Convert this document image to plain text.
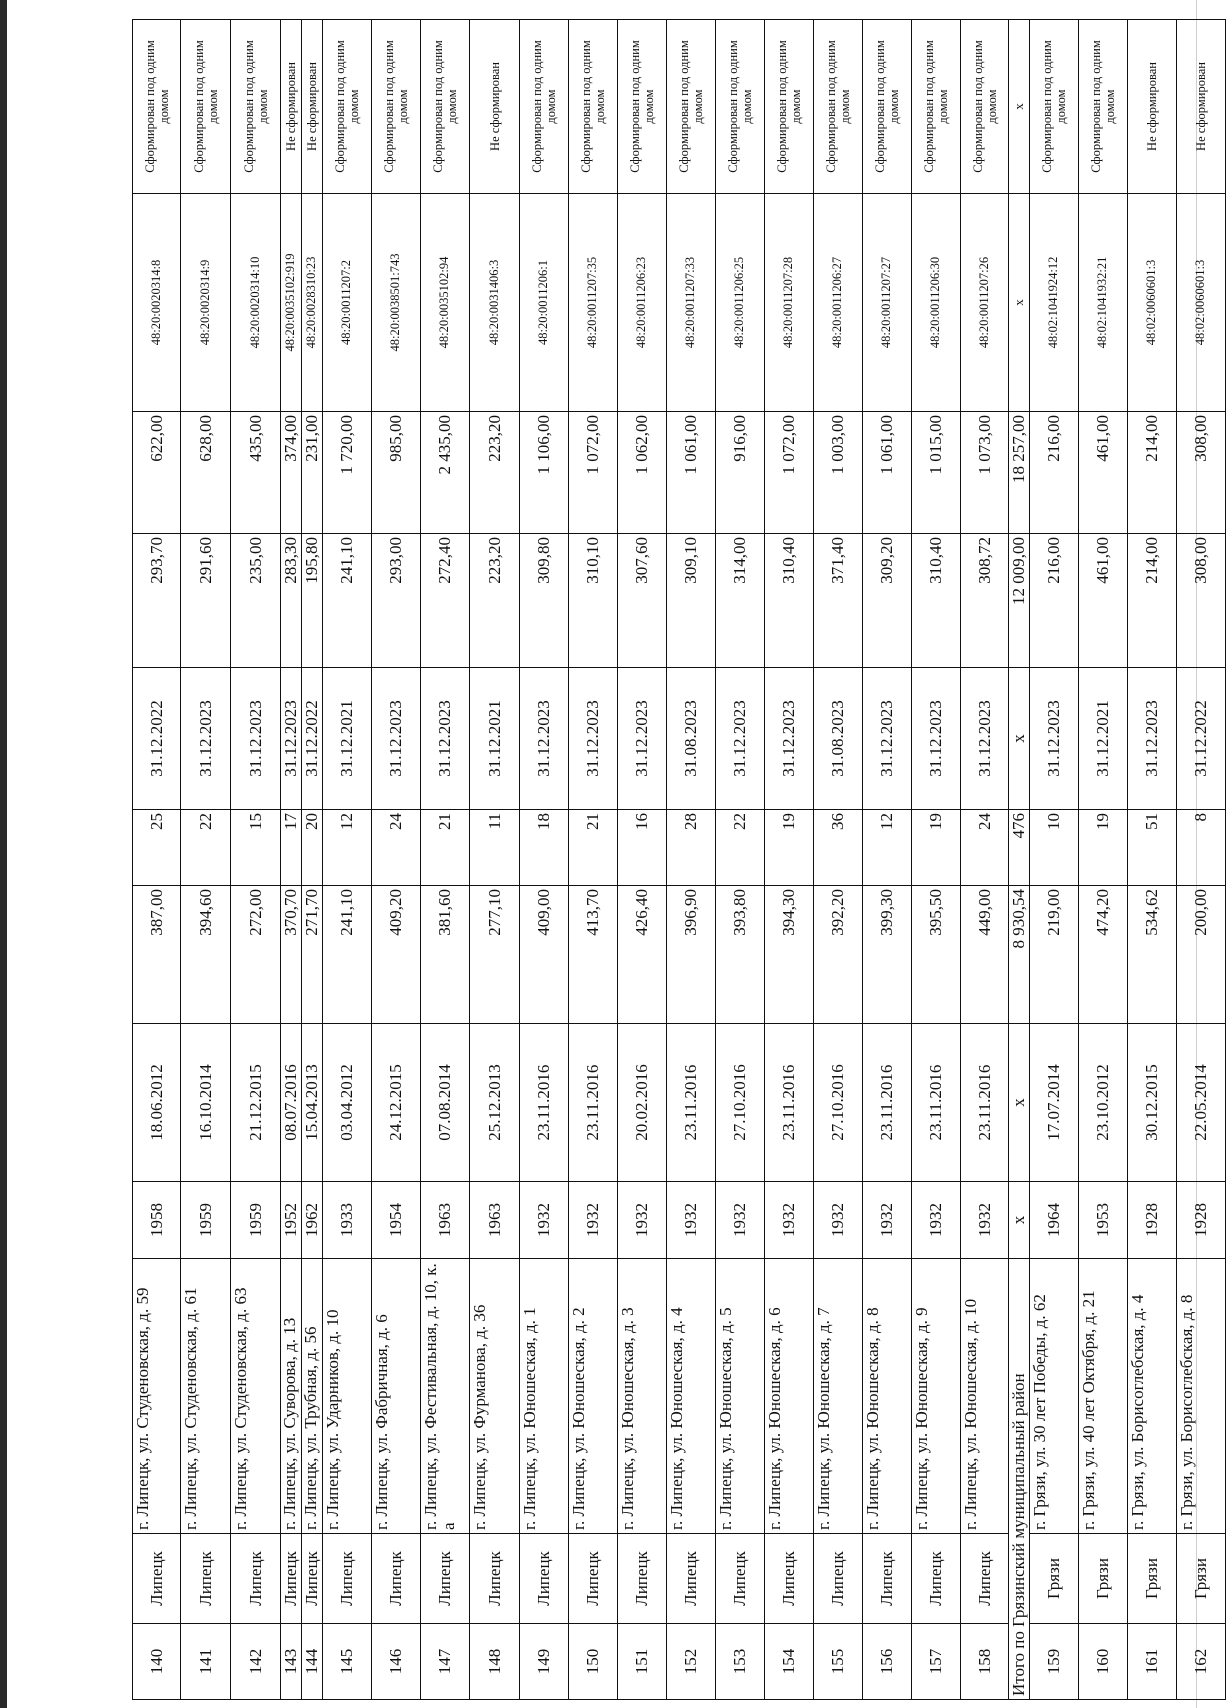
140	Липецк	г. Липецк, ул. Студеновская, д. 59	1958	18.06.2012	387,00	25	31.12.2022	293,70	622,00	48:20:0020314:8	Сформирован под одним домом
141	Липецк	г. Липецк, ул. Студеновская, д. 61	1959	16.10.2014	394,60	22	31.12.2023	291,60	628,00	48:20:0020314:9	Сформирован под одним домом
142	Липецк	г. Липецк, ул. Студеновская, д. 63	1959	21.12.2015	272,00	15	31.12.2023	235,00	435,00	48:20:0020314:10	Сформирован под одним домом
143	Липецк	г. Липецк, ул. Суворова, д. 13	1952	08.07.2016	370,70	17	31.12.2023	283,30	374,00	48:20:0035102:919	Не сформирован
144	Липецк	г. Липецк, ул. Трубная, д. 56	1962	15.04.2013	271,70	20	31.12.2022	195,80	231,00	48:20:0028310:23	Не сформирован
145	Липецк	г. Липецк, ул. Ударников, д. 10	1933	03.04.2012	241,10	12	31.12.2021	241,10	1 720,00	48:20:0011207:2	Сформирован под одним домом
146	Липецк	г. Липецк, ул. Фабричная, д. 6	1954	24.12.2015	409,20	24	31.12.2023	293,00	985,00	48:20:0038501:743	Сформирован под одним домом
147	Липецк	г. Липецк, ул. Фестивальная, д. 10, к. а	1963	07.08.2014	381,60	21	31.12.2023	272,40	2 435,00	48:20:0035102:94	Сформирован под одним домом
148	Липецк	г. Липецк, ул. Фурманова, д. 36	1963	25.12.2013	277,10	11	31.12.2021	223,20	223,20	48:20:0031406:3	Не сформирован
149	Липецк	г. Липецк, ул. Юношеская, д. 1	1932	23.11.2016	409,00	18	31.12.2023	309,80	1 106,00	48:20:0011206:1	Сформирован под одним домом
150	Липецк	г. Липецк, ул. Юношеская, д. 2	1932	23.11.2016	413,70	21	31.12.2023	310,10	1 072,00	48:20:0011207:35	Сформирован под одним домом
151	Липецк	г. Липецк, ул. Юношеская, д. 3	1932	20.02.2016	426,40	16	31.12.2023	307,60	1 062,00	48:20:0011206:23	Сформирован под одним домом
152	Липецк	г. Липецк, ул. Юношеская, д. 4	1932	23.11.2016	396,90	28	31.08.2023	309,10	1 061,00	48:20:0011207:33	Сформирован под одним домом
153	Липецк	г. Липецк, ул. Юношеская, д. 5	1932	27.10.2016	393,80	22	31.12.2023	314,00	916,00	48:20:0011206:25	Сформирован под одним домом
154	Липецк	г. Липецк, ул. Юношеская, д. 6	1932	23.11.2016	394,30	19	31.12.2023	310,40	1 072,00	48:20:0011207:28	Сформирован под одним домом
155	Липецк	г. Липецк, ул. Юношеская, д. 7	1932	27.10.2016	392,20	36	31.08.2023	371,40	1 003,00	48:20:0011206:27	Сформирован под одним домом
156	Липецк	г. Липецк, ул. Юношеская, д. 8	1932	23.11.2016	399,30	12	31.12.2023	309,20	1 061,00	48:20:0011207:27	Сформирован под одним домом
157	Липецк	г. Липецк, ул. Юношеская, д. 9	1932	23.11.2016	395,50	19	31.12.2023	310,40	1 015,00	48:20:0011206:30	Сформирован под одним домом
158	Липецк	г. Липецк, ул. Юношеская, д. 10	1932	23.11.2016	449,00	24	31.12.2023	308,72	1 073,00	48:20:0011207:26	Сформирован под одним домом
Итого по Грязинский муниципальный район			х	х	8 930,54	476	х	12 009,00	18 257,00	х	х
159	Грязи	г. Грязи, ул. 30 лет Победы, д. 62	1964	17.07.2014	219,00	10	31.12.2023	216,00	216,00	48:02:1041924:12	Сформирован под одним домом
160	Грязи	г. Грязи, ул. 40 лет Октября, д. 21	1953	23.10.2012	474,20	19	31.12.2021	461,00	461,00	48:02:1041932:21	Сформирован под одним домом
161	Грязи	г. Грязи, ул. Борисоглебская, д. 4	1928	30.12.2015	534,62	51	31.12.2023	214,00	214,00	48:02:0060601:3	Не сформирован
162	Грязи	г. Грязи, ул. Борисоглебская, д. 8	1928	22.05.2014	200,00	8	31.12.2022	308,00	308,00	48:02:0060601:3	Не сформирован
